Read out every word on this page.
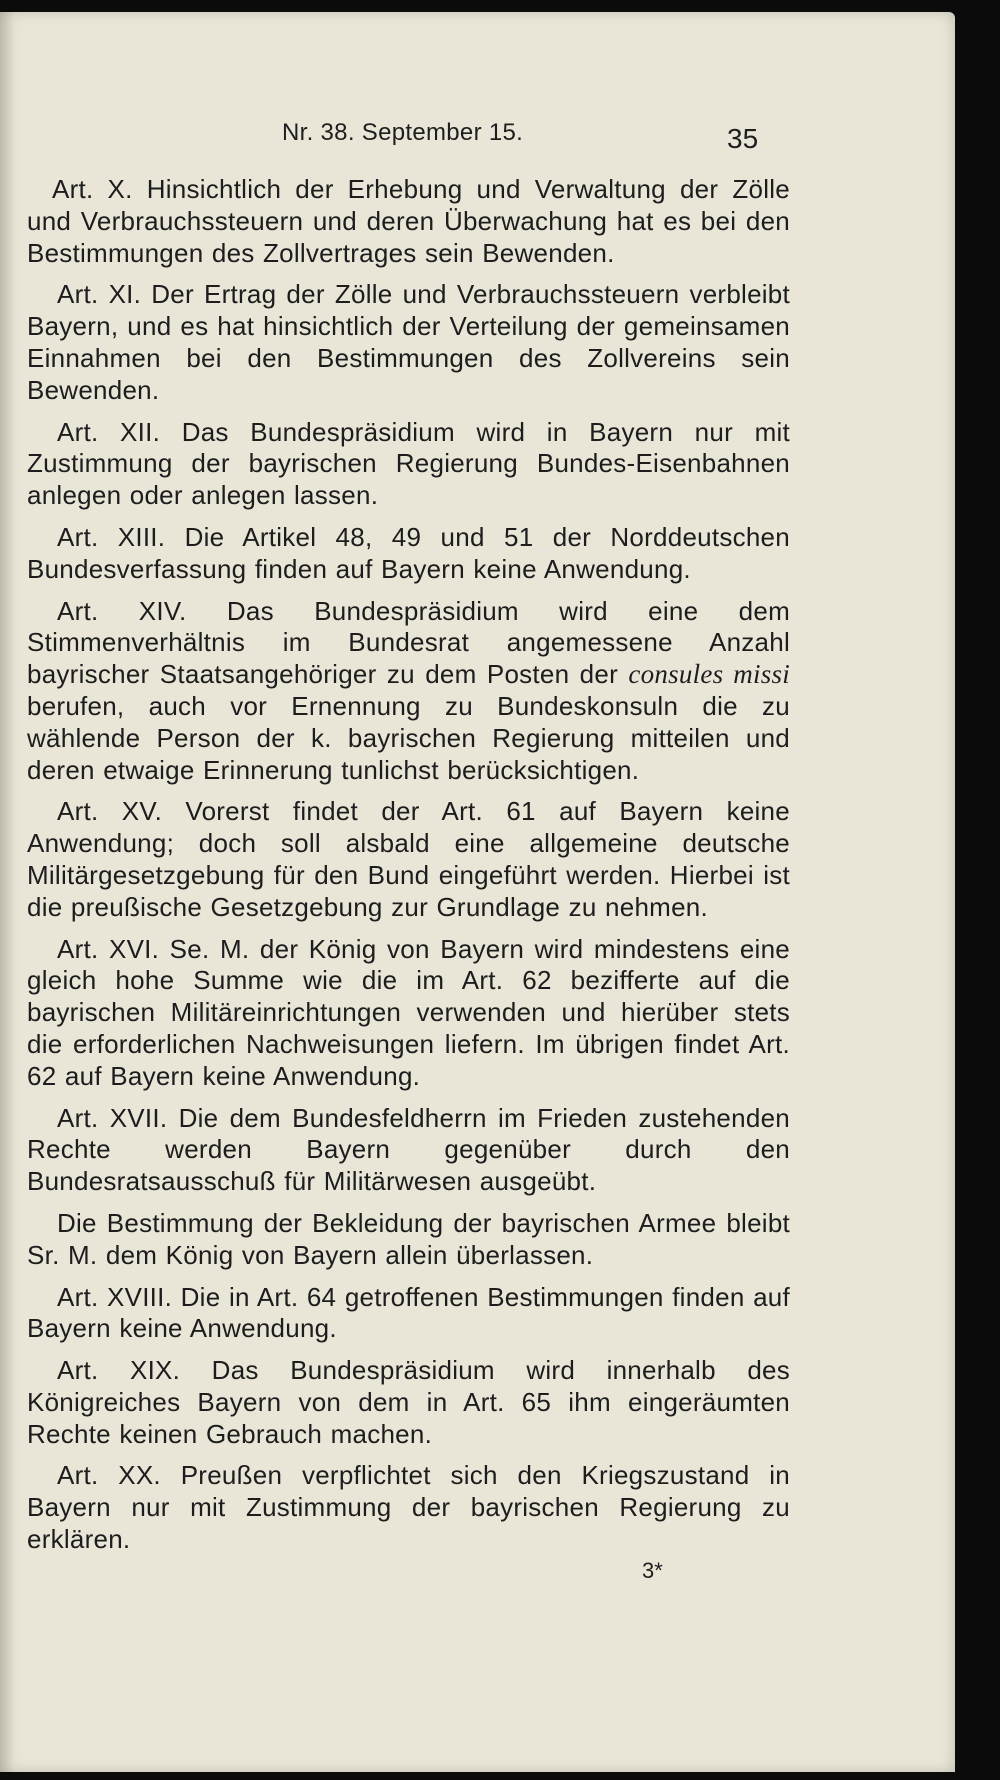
Nr. 38. September 15.	35

Art. X. Hinsichtlich der Erhebung und Verwaltung der Zölle und Verbrauchssteuern und deren Überwachung hat es bei den Bestimmungen des Zollvertrages sein Bewenden.

Art. XI. Der Ertrag der Zölle und Verbrauchssteuern verbleibt Bayern, und es hat hinsichtlich der Verteilung der gemeinsamen Einnahmen bei den Bestimmungen des Zollvereins sein Bewenden.

Art. XII. Das Bundespräsidium wird in Bayern nur mit Zustimmung der bayrischen Regierung Bundes-Eisenbahnen anlegen oder anlegen lassen.

Art. XIII. Die Artikel 48, 49 und 51 der Norddeutschen Bundesverfassung finden auf Bayern keine Anwendung.

Art. XIV. Das Bundespräsidium wird eine dem Stimmenverhältnis im Bundesrat angemessene Anzahl bayrischer Staatsangehöriger zu dem Posten der consules missi berufen, auch vor Ernennung zu Bundeskonsuln die zu wählende Person der k. bayrischen Regierung mitteilen und deren etwaige Erinnerung tunlichst berücksichtigen.

Art. XV. Vorerst findet der Art. 61 auf Bayern keine Anwendung; doch soll alsbald eine allgemeine deutsche Militärgesetzgebung für den Bund eingeführt werden. Hierbei ist die preußische Gesetzgebung zur Grundlage zu nehmen.

Art. XVI. Se. M. der König von Bayern wird mindestens eine gleich hohe Summe wie die im Art. 62 bezifferte auf die bayrischen Militäreinrichtungen verwenden und hierüber stets die erforderlichen Nachweisungen liefern. Im übrigen findet Art. 62 auf Bayern keine Anwendung.

Art. XVII. Die dem Bundesfeldherrn im Frieden zustehenden Rechte werden Bayern gegenüber durch den Bundesratsausschuß für Militärwesen ausgeübt.

Die Bestimmung der Bekleidung der bayrischen Armee bleibt Sr. M. dem König von Bayern allein überlassen.

Art. XVIII. Die in Art. 64 getroffenen Bestimmungen finden auf Bayern keine Anwendung.

Art. XIX. Das Bundespräsidium wird innerhalb des Königreiches Bayern von dem in Art. 65 ihm eingeräumten Rechte keinen Gebrauch machen.

Art. XX. Preußen verpflichtet sich den Kriegszustand in Bayern nur mit Zustimmung der bayrischen Regierung zu erklären.

3*
